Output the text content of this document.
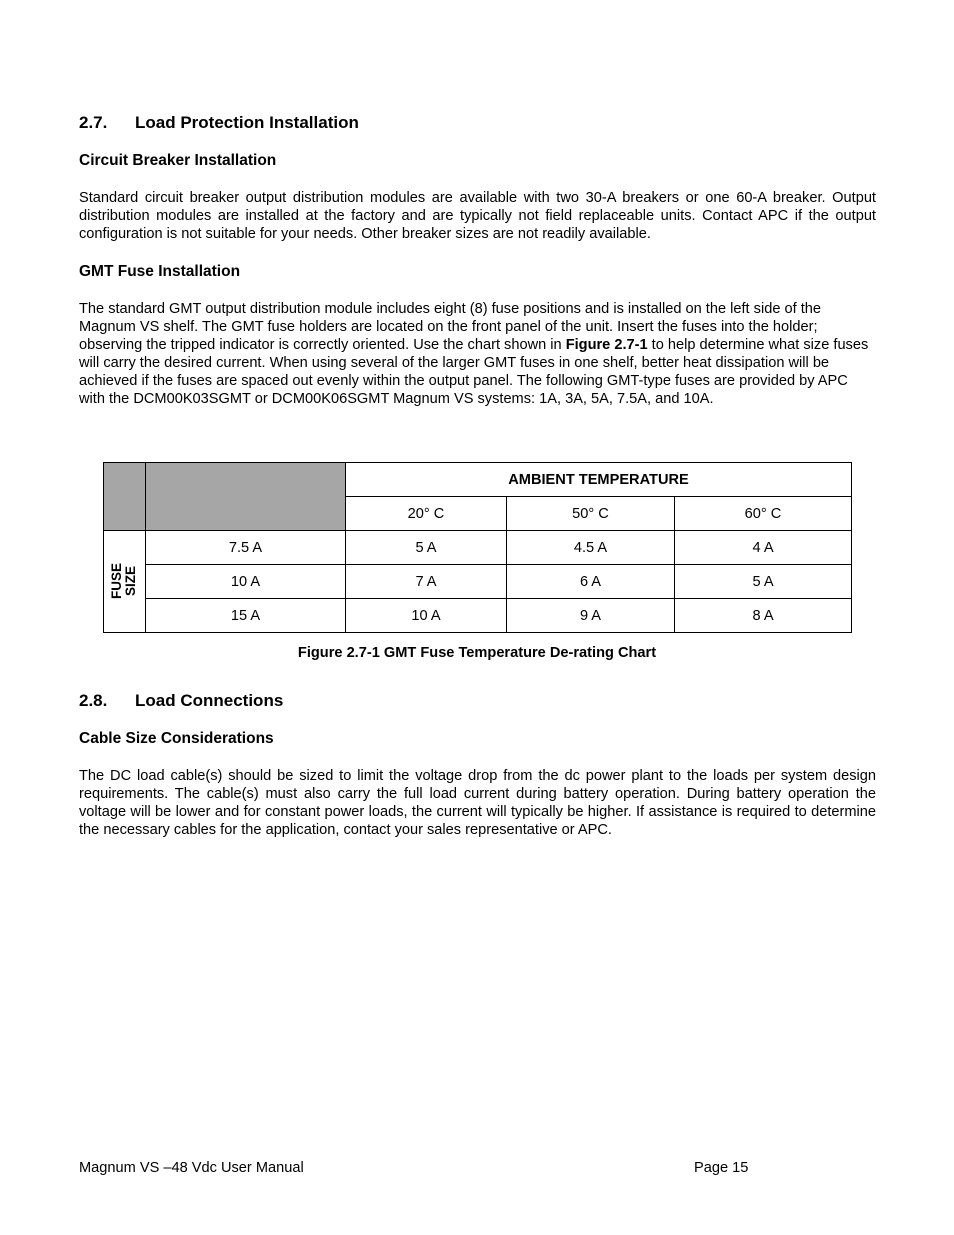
2.7. Load Protection Installation
Circuit Breaker Installation

Standard circuit breaker output distribution modules are available with two 30-A breakers or one 60-A breaker. Output distribution modules are installed at the factory and are typically not field replaceable units. Contact APC if the output configuration is not suitable for your needs. Other breaker sizes are not readily available.

GMT Fuse Installation

The standard GMT output distribution module includes eight (8) fuse positions and is installed on the left side of the Magnum VS shelf. The GMT fuse holders are located on the front panel of the unit. Insert the fuses into the holder; observing the tripped indicator is correctly oriented. Use the chart shown in Figure 2.7-1 to help determine what size fuses will carry the desired current. When using several of the larger GMT fuses in one shelf, better heat dissipation will be achieved if the fuses are spaced out evenly within the output panel. The following GMT-type fuses are provided by APC with the DCM00K03SGMT or DCM00K06SGMT Magnum VS systems: 1A, 3A, 5A, 7.5A, and 10A.

		AMBIENT TEMPERATURE		
		20° C	50° C	60° C
FUSE
SIZE	7.5 A	5 A	4.5 A	4 A
	10 A	7 A	6 A	5 A
	15 A	10 A	9 A	8 A
Figure 2.7-1 GMT Fuse Temperature De-rating Chart
2.8. Load Connections
Cable Size Considerations

The DC load cable(s) should be sized to limit the voltage drop from the dc power plant to the loads per system design requirements. The cable(s) must also carry the full load current during battery operation. During battery operation the voltage will be lower and for constant power loads, the current will typically be higher. If assistance is required to determine the necessary cables for the application, contact your sales representative or APC.

Magnum VS –48 Vdc User Manual	Page 15
